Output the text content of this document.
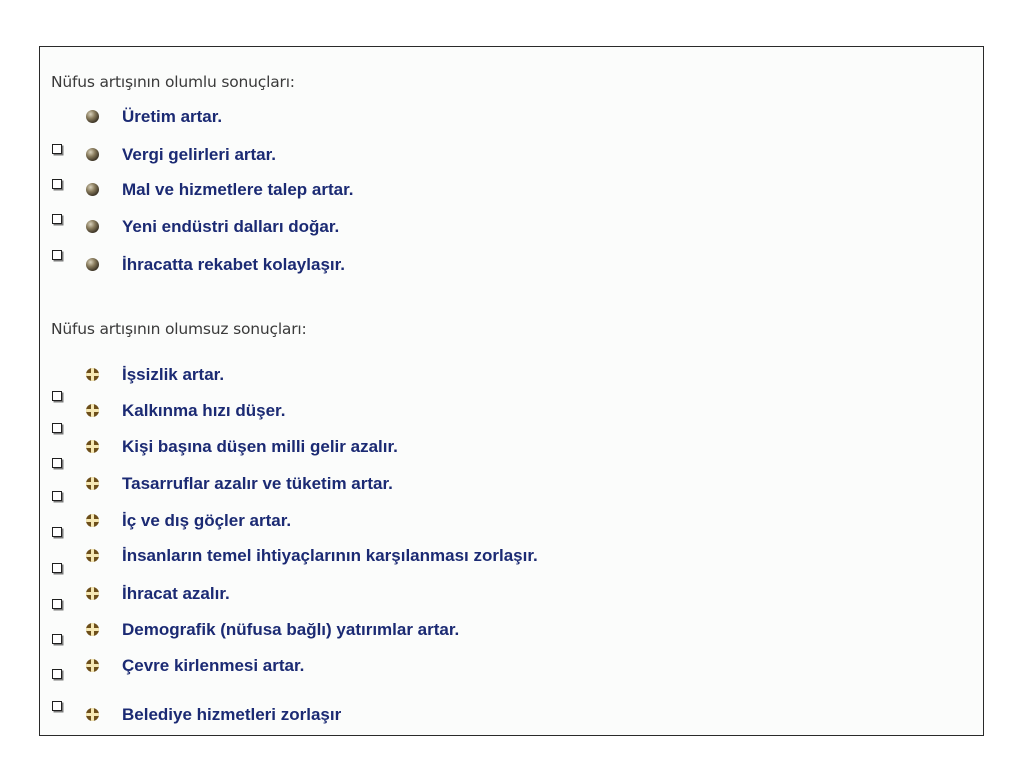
Nüfus artışının olumlu sonuçları:
Üretim artar.
Vergi gelirleri artar.
Mal ve hizmetlere talep artar.
Yeni endüstri dalları doğar.
İhracatta rekabet kolaylaşır.
Nüfus artışının olumsuz sonuçları:
İşsizlik artar.
Kalkınma hızı düşer.
Kişi başına düşen milli gelir azalır.
Tasarruflar azalır ve tüketim artar.
İç ve dış göçler artar.
İnsanların temel ihtiyaçlarının karşılanması zorlaşır.
İhracat azalır.
Demografik (nüfusa bağlı) yatırımlar artar.
Çevre kirlenmesi artar.
Belediye hizmetleri zorlaşır
